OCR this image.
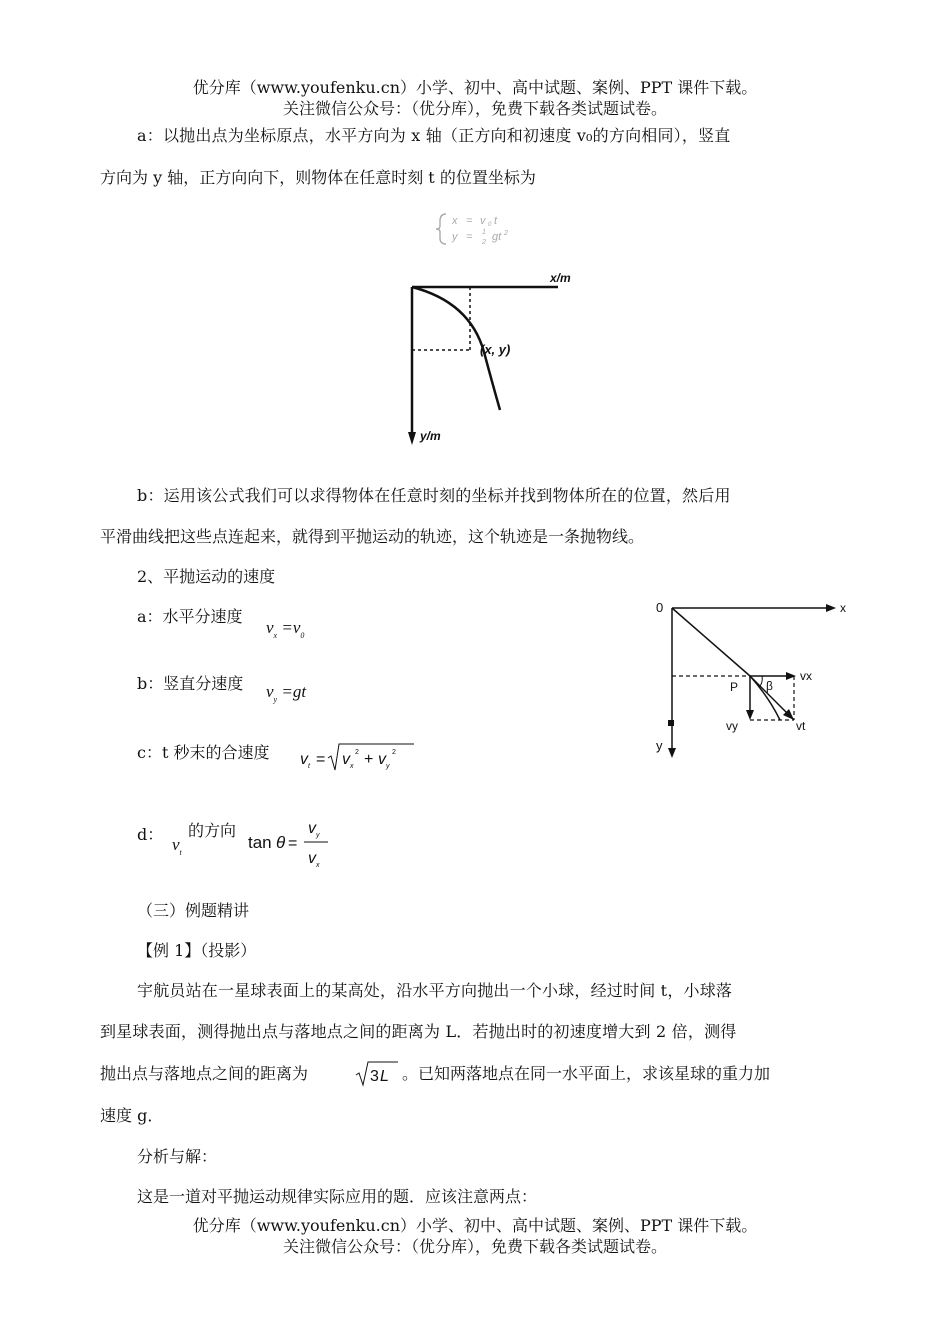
优分库（www.youfenku.cn）小学、初中、高中试题、案例、PPT 课件下载。
关注微信公众号：（优分库），免费下载各类试题试卷。
a：以抛出点为坐标原点，水平方向为 x 轴（正方向和初速度 v₀的方向相同），竖直
方向为 y 轴，正方向向下，则物体在任意时刻 t 的位置坐标为
x = v 0 t
y = 1
2 gt 2
x/m
y/m
(x, y)
b：运用该公式我们可以求得物体在任意时刻的坐标并找到物体所在的位置，然后用
平滑曲线把这些点连起来，就得到平抛运动的轨迹，这个轨迹是一条抛物线。
2、平抛运动的速度
a：水平分速度
$v_x =v_0$
b：竖直分速度 $v_y =gt$
c：t 秒末的合速度 v t = v x
2 + v y
2
d：
$v_t$
的方向
tan θ =
v y
v x
0	x
y
P β
vx
vy	vt
（三）例题精讲
【例 1】（投影）
宇航员站在一星球表面上的某高处，沿水平方向抛出一个小球，经过时间 t，小球落
到星球表面，测得抛出点与落地点之间的距离为 L．若抛出时的初速度增大到 2 倍，测得
抛出点与落地点之间的距离为	3 L 。已知两落地点在同一水平面上，求该星球的重力加
速度 g．
分析与解：
这是一道对平抛运动规律实际应用的题．应该注意两点：
优分库（www.youfenku.cn）小学、初中、高中试题、案例、PPT 课件下载。
关注微信公众号：（优分库），免费下载各类试题试卷。
